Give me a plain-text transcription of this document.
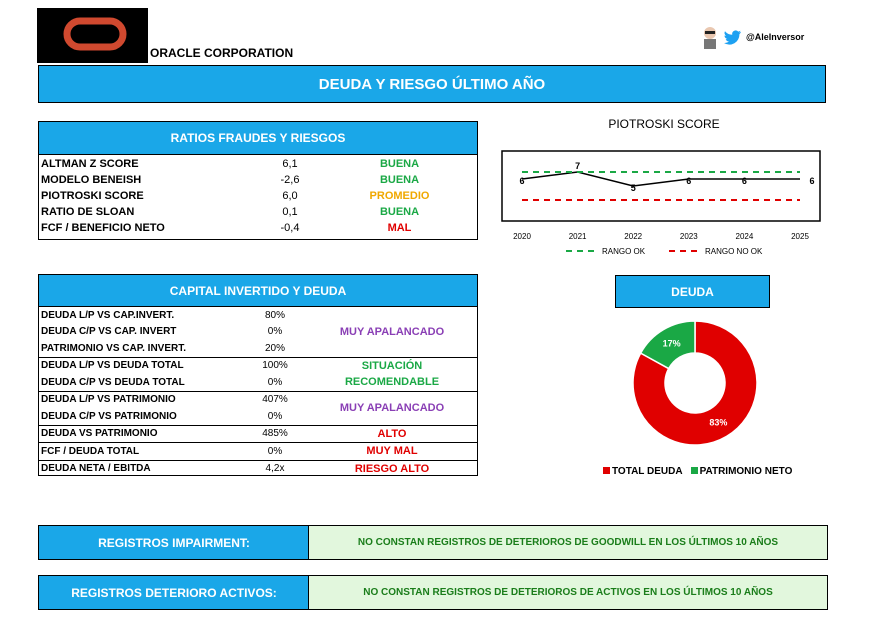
ORACLE CORPORATION
@AleInversor
DEUDA Y RIESGO ÚLTIMO AÑO
RATIOS FRAUDES Y RIESGOS
ALTMAN Z SCORE	6,1	BUENA
MODELO BENEISH	-2,6	BUENA
PIOTROSKI SCORE	6,0	PROMEDIO
RATIO DE SLOAN	0,1	BUENA
FCF / BENEFICIO NETO	-0,4	MAL
PIOTROSKI SCORE
2020	2021	2022	2023	2024	2025
6
7
5
6	6	6
RANGO OK	RANGO NO OK
CAPITAL INVERTIDO Y DEUDA
DEUDA L/P VS CAP.INVERT.	80%	MUY APALANCADO
DEUDA C/P VS CAP. INVERT	0%	
PATRIMONIO VS CAP. INVERT.	20%	
DEUDA L/P VS DEUDA TOTAL	100%	SITUACIÓN
DEUDA C/P VS DEUDA TOTAL	0%	RECOMENDABLE
DEUDA L/P VS PATRIMONIO	407%	MUY APALANCADO
DEUDA C/P VS PATRIMONIO	0%	
DEUDA VS PATRIMONIO	485%	ALTO
FCF / DEUDA TOTAL	0%	MUY MAL
DEUDA NETA / EBITDA	4,2x	RIESGO ALTO
DEUDA
83%
17%
TOTAL DEUDA	PATRIMONIO NETO
REGISTROS IMPAIRMENT:	NO CONSTAN REGISTROS DE DETERIOROS DE GOODWILL EN LOS ÚLTIMOS 10 AÑOS
REGISTROS DETERIORO ACTIVOS:	NO CONSTAN REGISTROS DE DETERIOROS DE ACTIVOS EN LOS ÚLTIMOS 10 AÑOS
